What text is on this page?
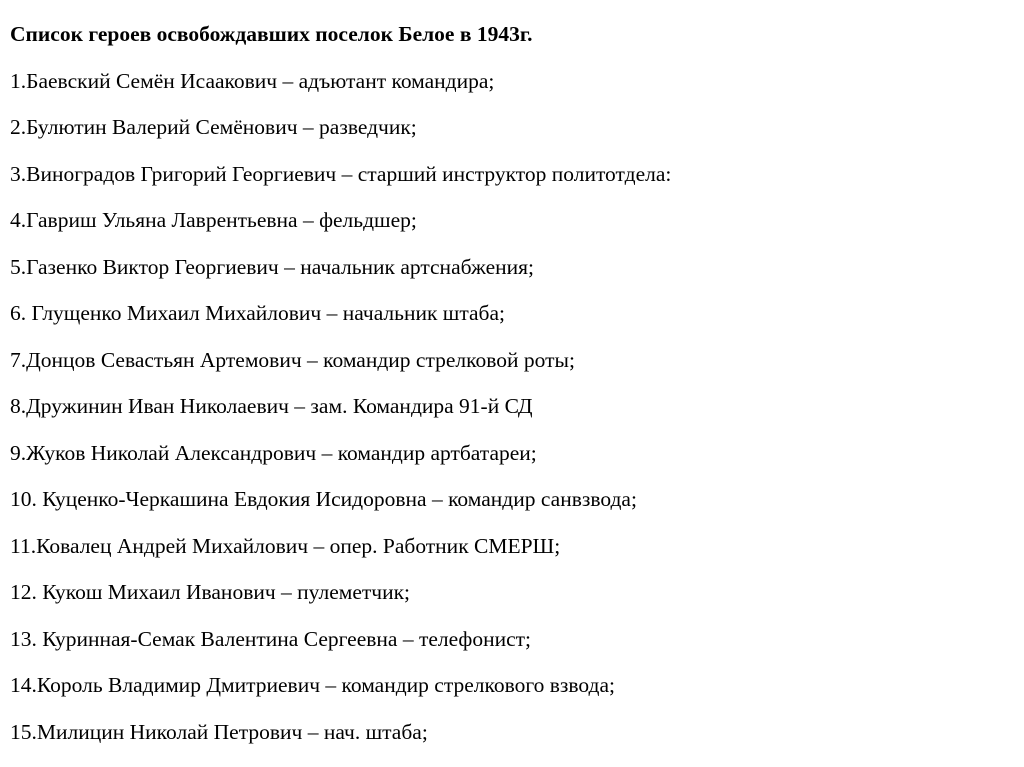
Список героев освобождавших поселок Белое в 1943г.
1.Баевский Семён Исаакович – адъютант командира;
2.Булютин Валерий Семёнович – разведчик;
3.Виноградов Григорий Георгиевич – старший инструктор политотдела:
4.Гавриш Ульяна Лаврентьевна – фельдшер;
5.Газенко Виктор Георгиевич – начальник артснабжения;
6. Глущенко Михаил Михайлович – начальник штаба;
7.Донцов Севастьян Артемович – командир стрелковой роты;
8.Дружинин Иван Николаевич – зам. Командира 91-й СД
9.Жуков Николай Александрович – командир артбатареи;
10. Куценко-Черкашина Евдокия Исидоровна – командир санвзвода;
11.Ковалец Андрей Михайлович – опер. Работник СМЕРШ;
12. Кукош Михаил Иванович – пулеметчик;
13. Куринная-Семак Валентина Сергеевна – телефонист;
14.Король Владимир Дмитриевич – командир стрелкового взвода;
15.Милицин Николай Петрович – нач. штаба;
